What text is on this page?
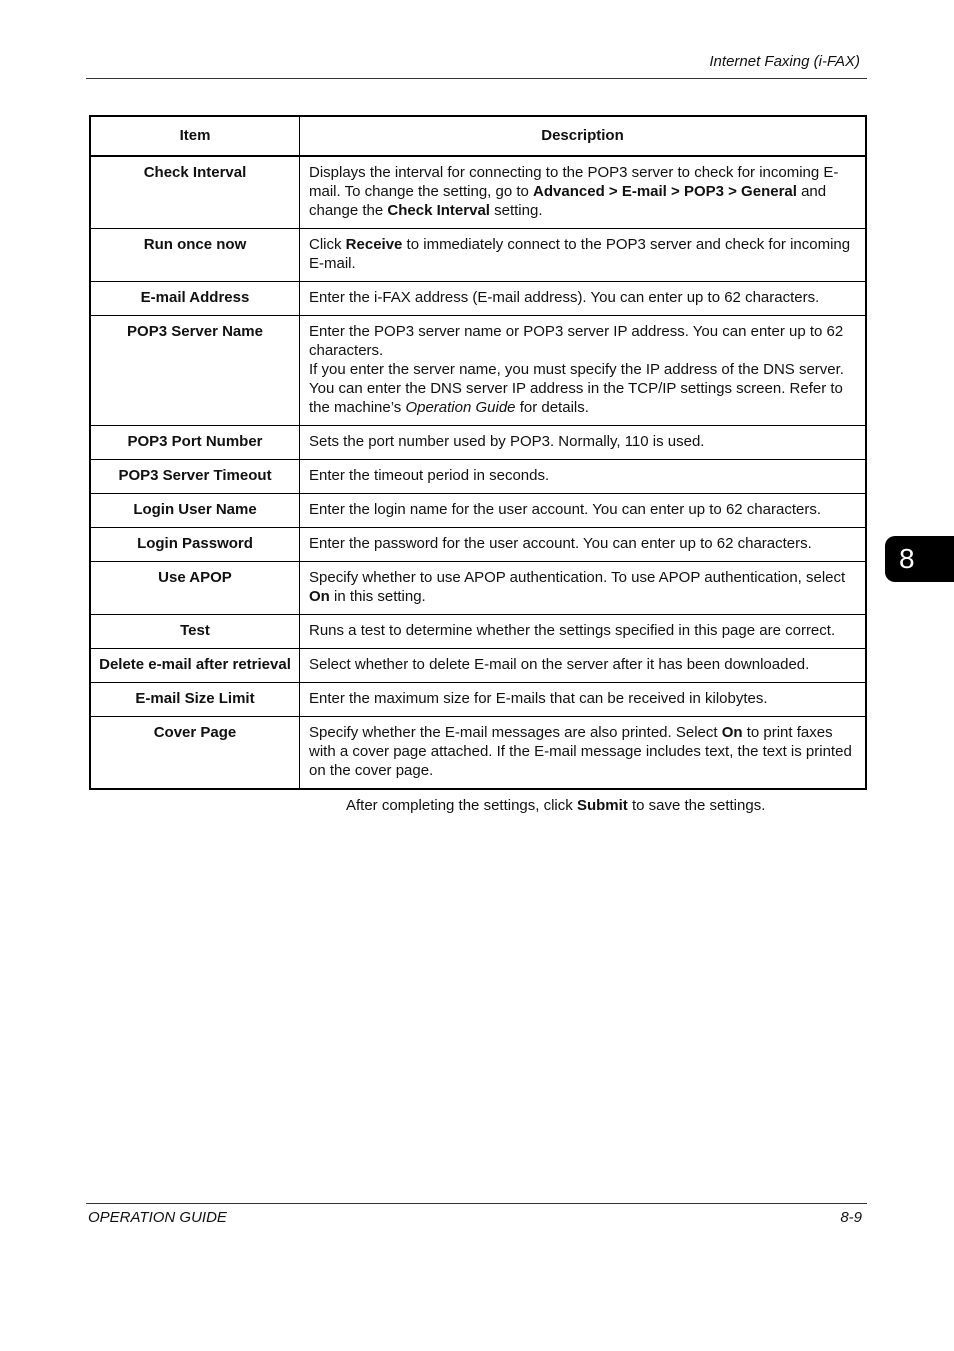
Internet Faxing (i-FAX)
Item	Description
Check Interval	Displays the interval for connecting to the POP3 server to check for incoming E-mail. To change the setting, go to Advanced > E-mail > POP3 > General and change the Check Interval setting.
Run once now	Click Receive to immediately connect to the POP3 server and check for incoming E-mail.
E-mail Address	Enter the i-FAX address (E-mail address). You can enter up to 62 characters.
POP3 Server Name	Enter the POP3 server name or POP3 server IP address. You can enter up to 62 characters.
If you enter the server name, you must specify the IP address of the DNS server. You can enter the DNS server IP address in the TCP/IP settings screen. Refer to the machine’s Operation Guide for details.
POP3 Port Number	Sets the port number used by POP3. Normally, 110 is used.
POP3 Server Timeout	Enter the timeout period in seconds.
Login User Name	Enter the login name for the user account. You can enter up to 62 characters.
Login Password	Enter the password for the user account. You can enter up to 62 characters.
Use APOP	Specify whether to use APOP authentication. To use APOP authentication, select On in this setting.
Test	Runs a test to determine whether the settings specified in this page are correct.
Delete e-mail after retrieval	Select whether to delete E-mail on the server after it has been downloaded.
E-mail Size Limit	Enter the maximum size for E-mails that can be received in kilobytes.
Cover Page	Specify whether the E-mail messages are also printed. Select On to print faxes with a cover page attached. If the E-mail message includes text, the text is printed on the cover page.
After completing the settings, click Submit to save the settings.
8
OPERATION GUIDE	8-9
